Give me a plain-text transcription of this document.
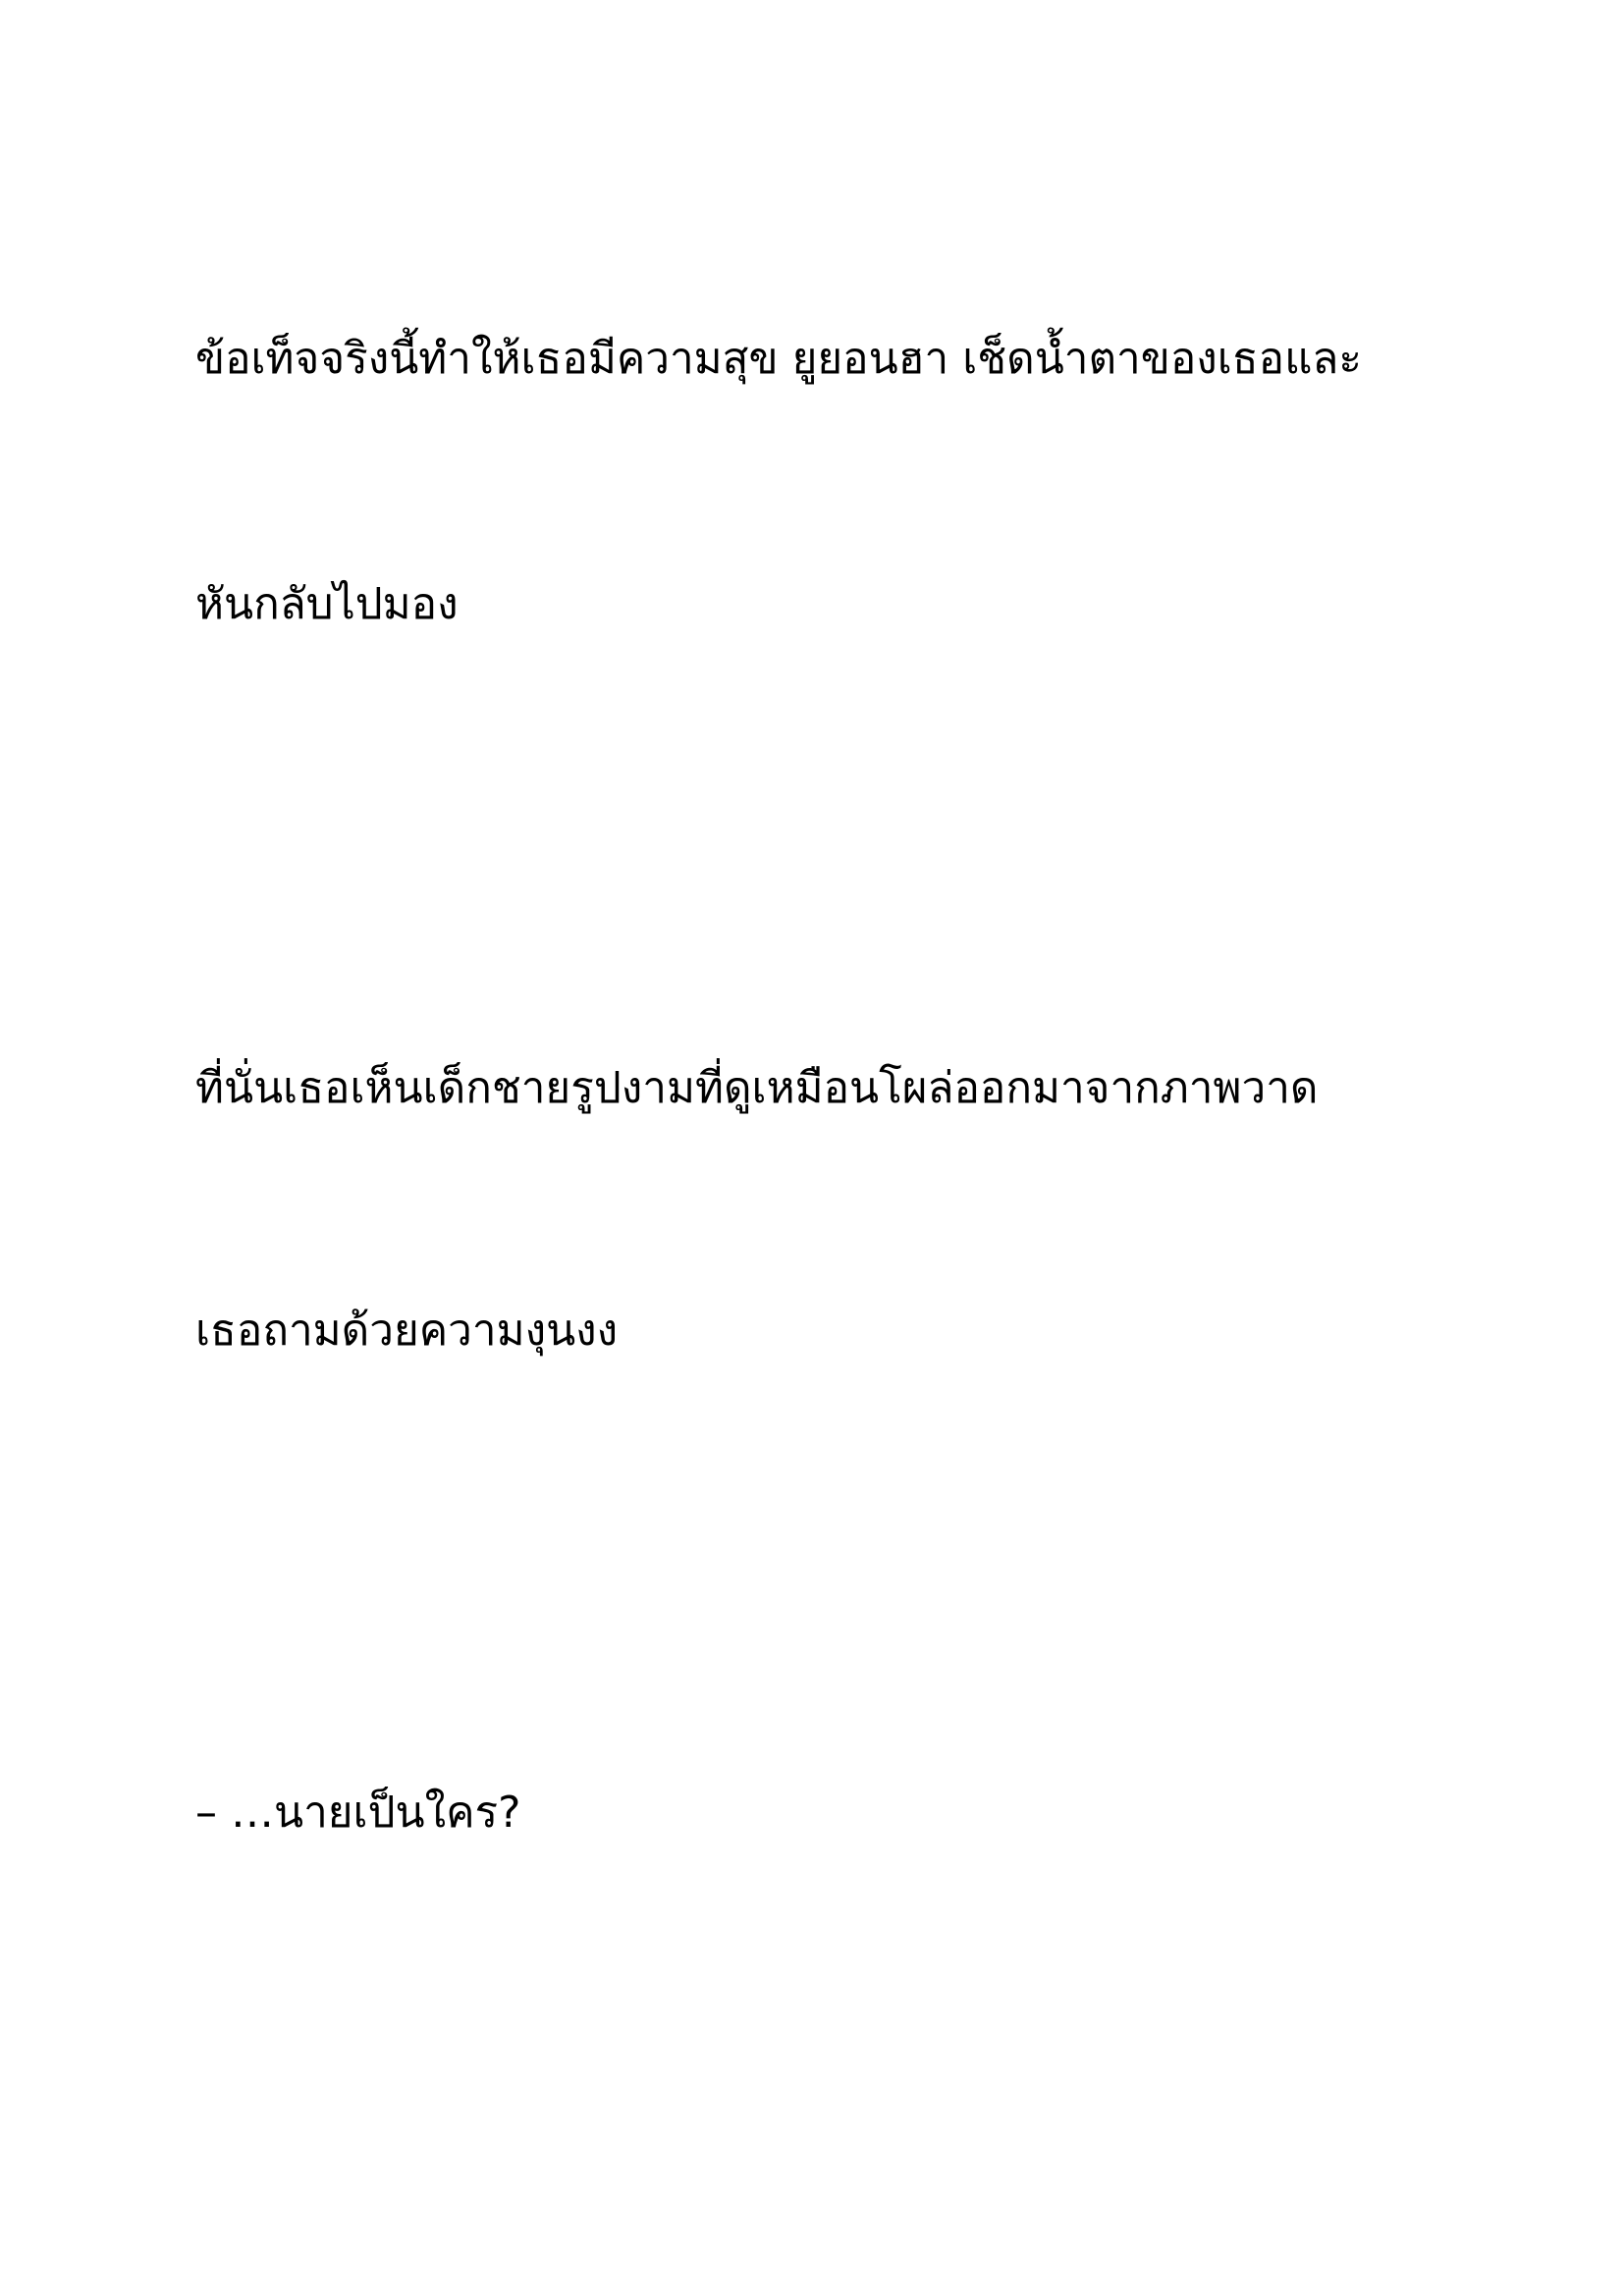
ข้อเท็จจริงนี้ทำให้เธอมีความสุข ยูยอนฮา เช็ดน้ำตาของเธอและ

หันกลับไปมอง

ที่นั่นเธอเห็นเด็กชายรูปงามที่ดูเหมือนโผล่ออกมาจากภาพวาด

เธอถามด้วยความงุนงง

– …นายเป็นใคร?
